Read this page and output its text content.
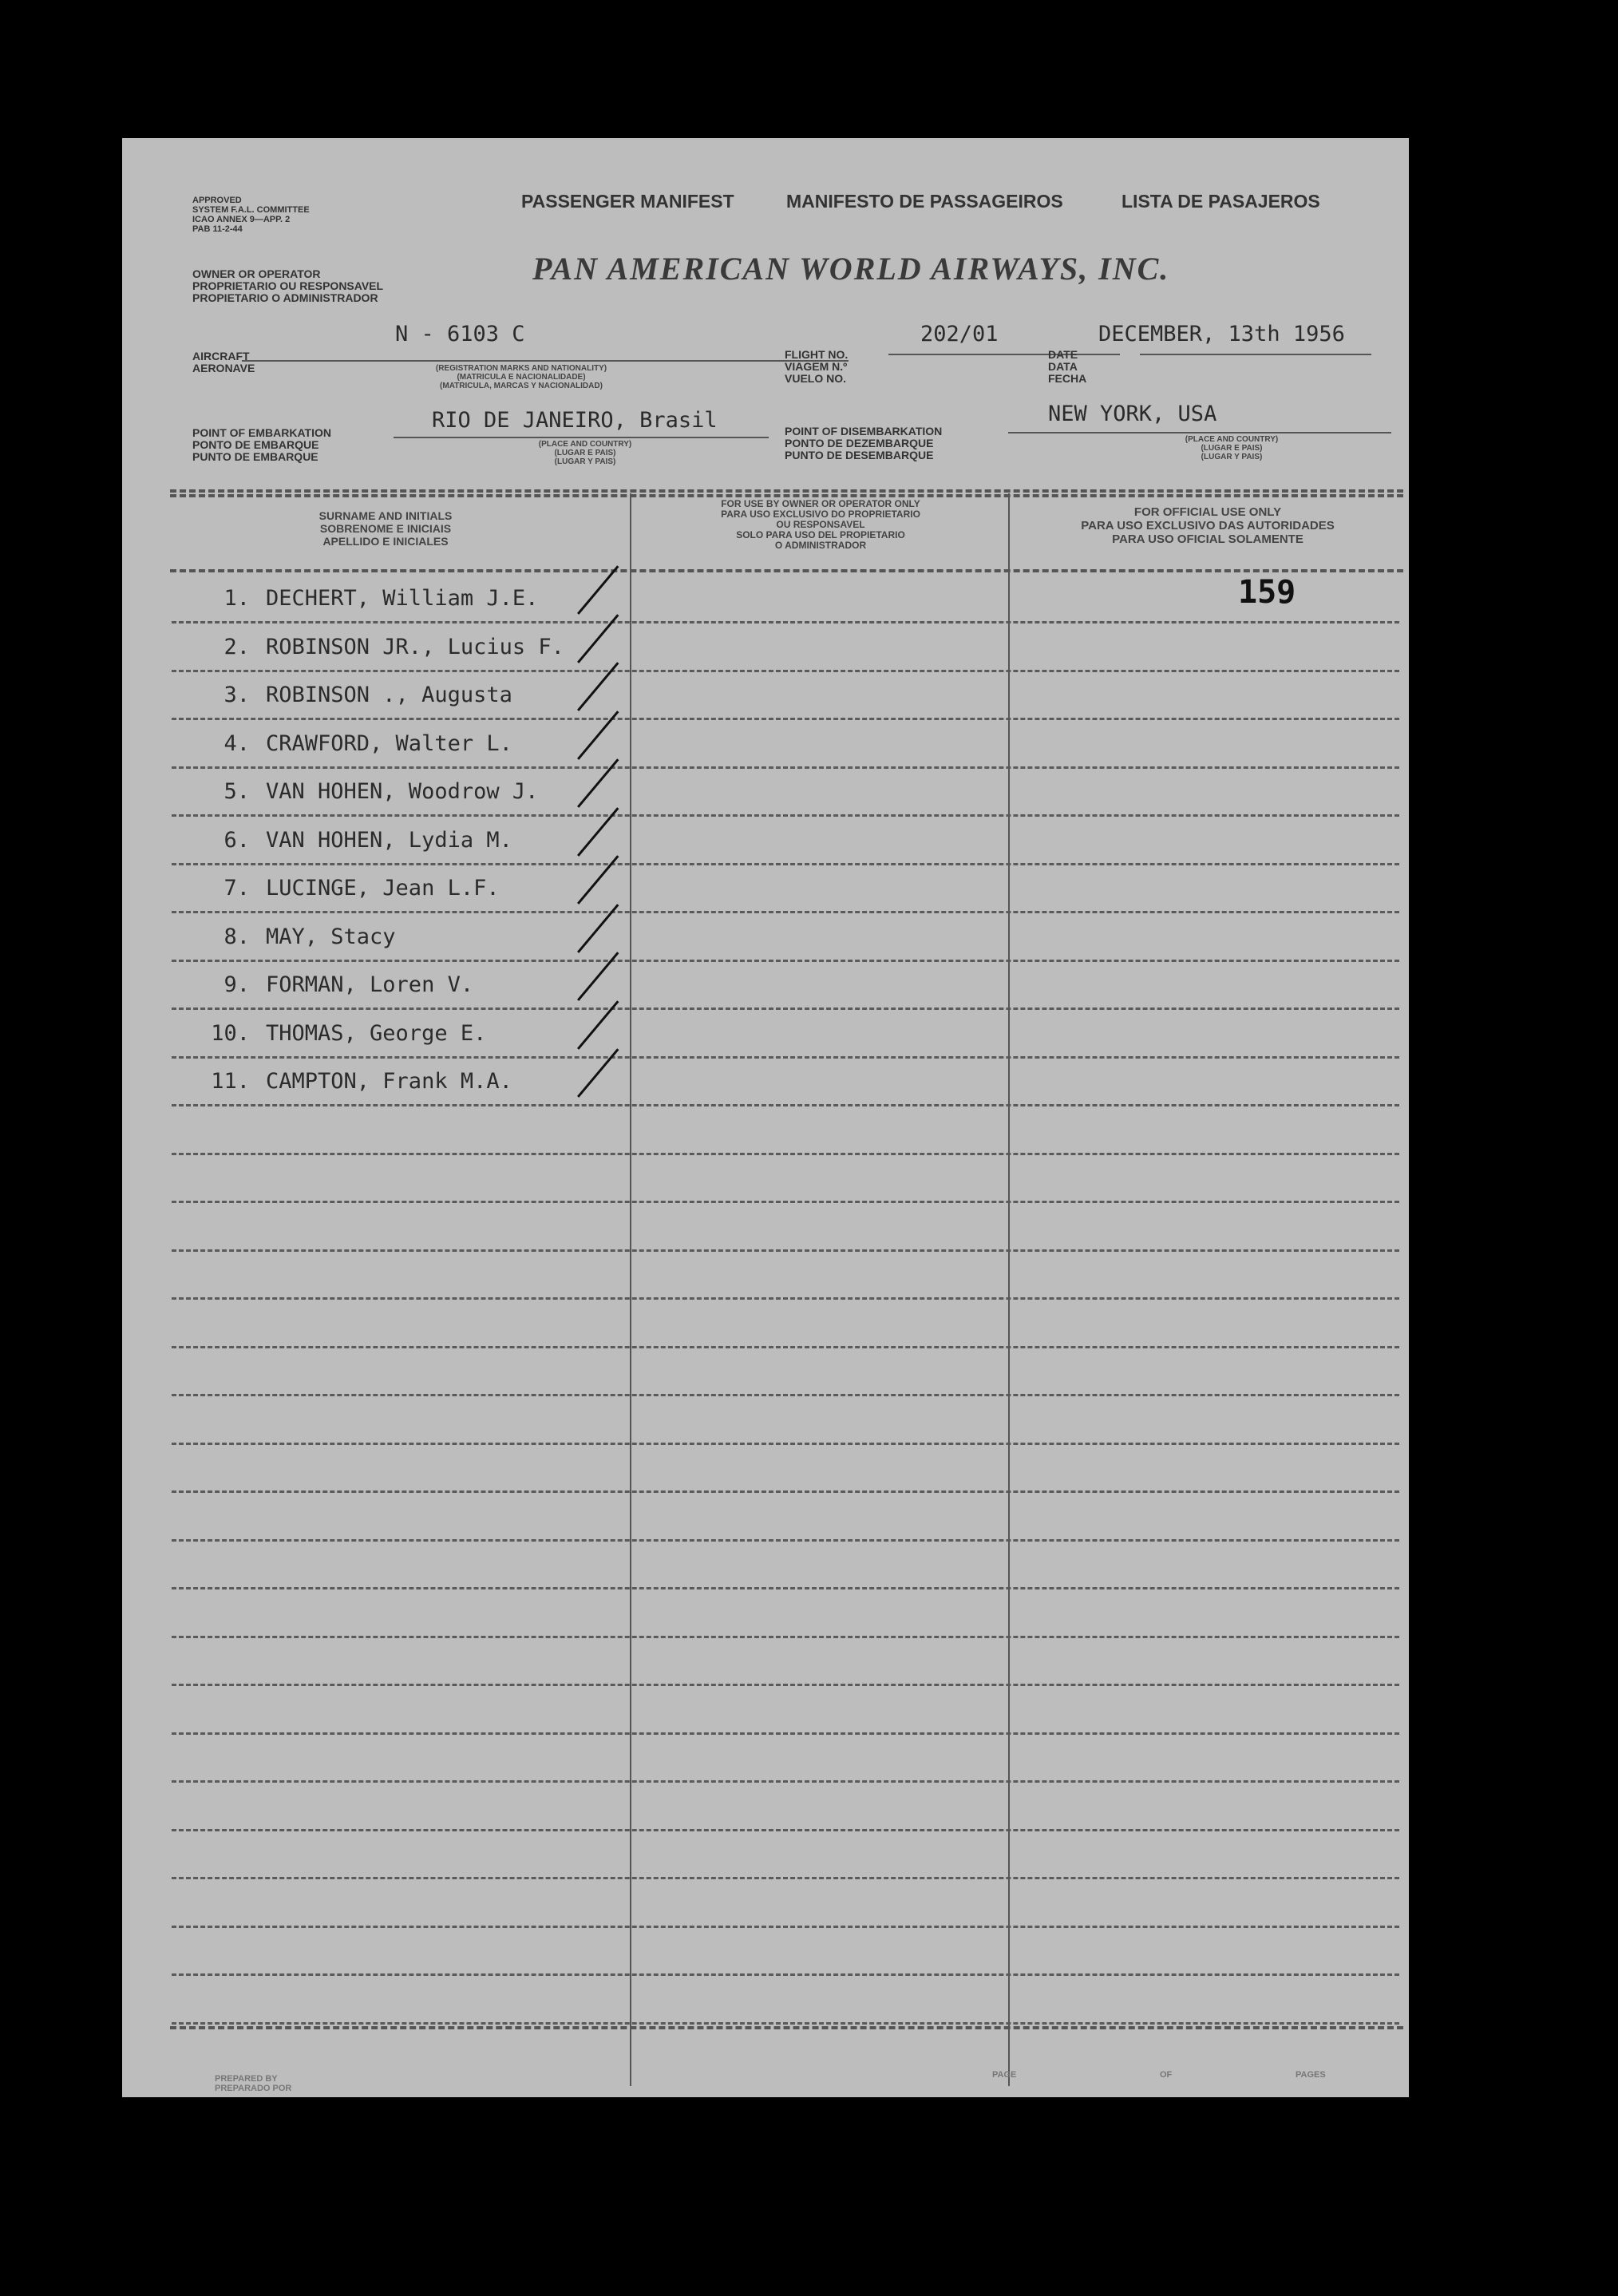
APPROVED
SYSTEM F.A.L. COMMITTEE
ICAO ANNEX 9—APP. 2
PAB 11-2-44
PASSENGER MANIFEST	MANIFESTO DE PASSAGEIROS	LISTA DE PASAJEROS
OWNER OR OPERATOR
PROPRIETARIO OU RESPONSAVEL
PROPIETARIO O ADMINISTRADOR
PAN AMERICAN WORLD AIRWAYS, INC.
N - 6103 C
AIRCRAFT
AERONAVE	(REGISTRATION MARKS AND NATIONALITY)
(MATRICULA E NACIONALIDADE)
(MATRICULA, MARCAS Y NACIONALIDAD)
202/01
FLIGHT NO.
VIAGEM N.º
VUELO NO.
DECEMBER, 13th 1956
DATE
DATA
FECHA
RIO DE JANEIRO, Brasil
POINT OF EMBARKATION
PONTO DE EMBARQUE
PUNTO DE EMBARQUE
(PLACE AND COUNTRY)
(LUGAR E PAIS)
(LUGAR Y PAIS)
NEW YORK, USA
POINT OF DISEMBARKATION
PONTO DE DEZEMBARQUE
PUNTO DE DESEMBARQUE
(PLACE AND COUNTRY)
(LUGAR E PAIS)
(LUGAR Y PAIS)
SURNAME AND INITIALS
SOBRENOME E INICIAIS
APELLIDO E INICIALES
FOR USE BY OWNER OR OPERATOR ONLY
PARA USO EXCLUSIVO DO PROPRIETARIO
OU RESPONSAVEL
SOLO PARA USO DEL PROPIETARIO
O ADMINISTRADOR
FOR OFFICIAL USE ONLY
PARA USO EXCLUSIVO DAS AUTORIDADES
PARA USO OFICIAL SOLAMENTE
159
1. DECHERT, William J.E.
2. ROBINSON JR., Lucius F.
3. ROBINSON ., Augusta
4. CRAWFORD, Walter L.
5. VAN HOHEN, Woodrow J.
6. VAN HOHEN, Lydia M.
7. LUCINGE, Jean L.F.
8. MAY, Stacy
9. FORMAN, Loren V.
10. THOMAS, George E.
11. CAMPTON, Frank M.A.
PREPARED BY
PREPARADO POR
PAGE	OF	PAGES
